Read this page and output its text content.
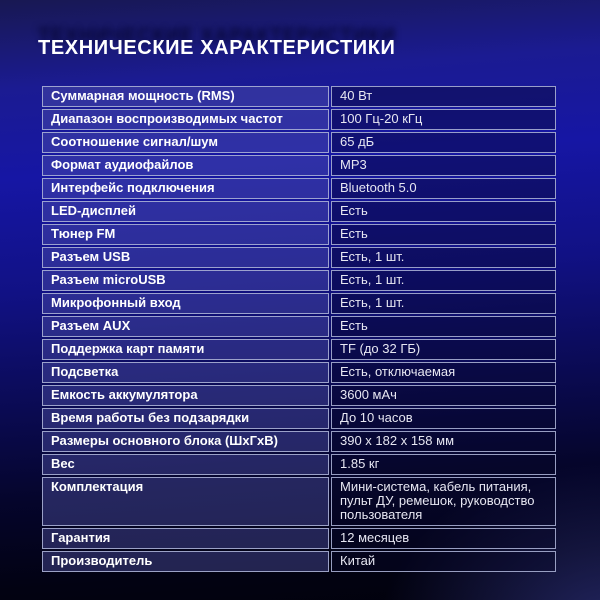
ТЕХНИЧЕСКИЕ ХАРАКТЕРИСТИКИ
Суммарная мощность (RMS)	40 Вт
Диапазон воспроизводимых частот	100 Гц-20 кГц
Соотношение сигнал/шум	65 дБ
Формат аудиофайлов	MP3
Интерфейс подключения	Bluetooth 5.0
LED-дисплей	Есть
Тюнер FM	Есть
Разъем USB	Есть, 1 шт.
Разъем microUSB	Есть, 1 шт.
Микрофонный вход	Есть, 1 шт.
Разъем AUX	Есть
Поддержка карт памяти	TF (до 32 ГБ)
Подсветка	Есть, отключаемая
Емкость аккумулятора	3600 мАч
Время работы без подзарядки	До 10 часов
Размеры основного блока (ШхГхВ)	390 x 182 x 158 мм
Вес	1.85 кг
Комплектация	Мини-система, кабель питания, пульт ДУ, ремешок, руководство пользователя
Гарантия	12 месяцев
Производитель	Китай
